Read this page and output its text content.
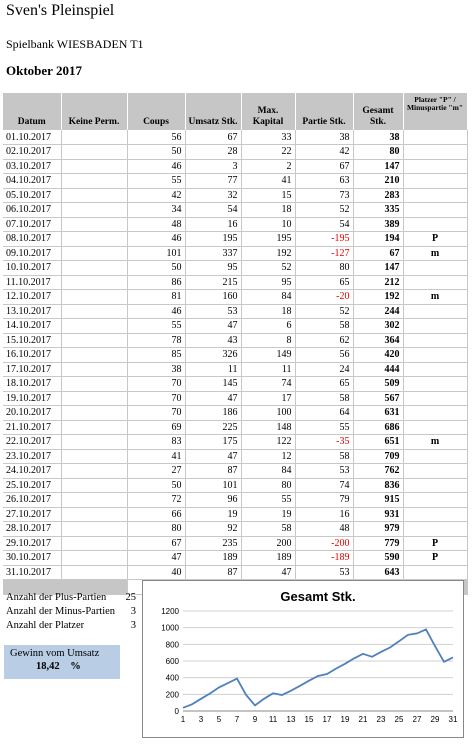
Sven's Pleinspiel
Spielbank WIESBADEN T1
Oktober 2017
Datum	Keine Perm.	Coups	Umsatz Stk.	Max. Kapital	Partie Stk.	Gesamt Stk.	Platzer "P" / Minuspartie "m"
01.10.2017		56	67	33	38	38	
02.10.2017		50	28	22	42	80	
03.10.2017		46	3	2	67	147	
04.10.2017		55	77	41	63	210	
05.10.2017		42	32	15	73	283	
06.10.2017		34	54	18	52	335	
07.10.2017		48	16	10	54	389	
08.10.2017		46	195	195	-195	194	P
09.10.2017		101	337	192	-127	67	m
10.10.2017		50	95	52	80	147	
11.10.2017		86	215	95	65	212	
12.10.2017		81	160	84	-20	192	m
13.10.2017		46	53	18	52	244	
14.10.2017		55	47	6	58	302	
15.10.2017		78	43	8	62	364	
16.10.2017		85	326	149	56	420	
17.10.2017		38	11	11	24	444	
18.10.2017		70	145	74	65	509	
19.10.2017		70	47	17	58	567	
20.10.2017		70	186	100	64	631	
21.10.2017		69	225	148	55	686	
22.10.2017		83	175	122	-35	651	m
23.10.2017		41	47	12	58	709	
24.10.2017		27	87	84	53	762	
25.10.2017		50	101	80	74	836	
26.10.2017		72	96	55	79	915	
27.10.2017		66	19	19	16	931	
28.10.2017		80	92	58	48	979	
29.10.2017		67	235	200	-200	779	P
30.10.2017		47	189	189	-189	590	P
31.10.2017		40	87	47	53	643	

Anzahl der Plus-Partien	25
Anzahl der Minus-Partien	3
Anzahl der Platzer	3
Gewinn vom Umsatz
18,42 %
Gesamt Stk.
0
200
400
600
800
1000
1200
1 3 5 7 9 11 13 15 17 19 21 23 25 27 29 31
